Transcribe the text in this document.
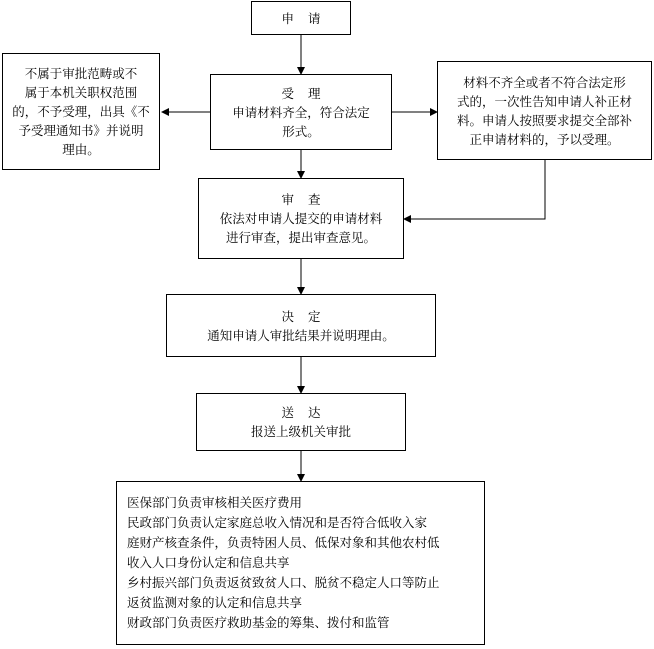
申请
受理
申请材料齐全，符合法定
形式。
不属于审批范畴或不
属于本机关职权范围
的，不予受理，出具《不
予受理通知书》并说明
理由。
材料不齐全或者不符合法定形
式的，一次性告知申请人补正材
料。申请人按照要求提交全部补
正申请材料的，予以受理。
审查
依法对申请人提交的申请材料
进行审查，提出审查意见。
决定
通知申请人审批结果并说明理由。
送达
报送上级机关审批
医保部门负责审核相关医疗费用
民政部门负责认定家庭总收入情况和是否符合低收入家
庭财产核查条件，负责特困人员、低保对象和其他农村低
收入人口身份认定和信息共享
乡村振兴部门负责返贫致贫人口、脱贫不稳定人口等防止
返贫监测对象的认定和信息共享
财政部门负责医疗救助基金的筹集、拨付和监管
